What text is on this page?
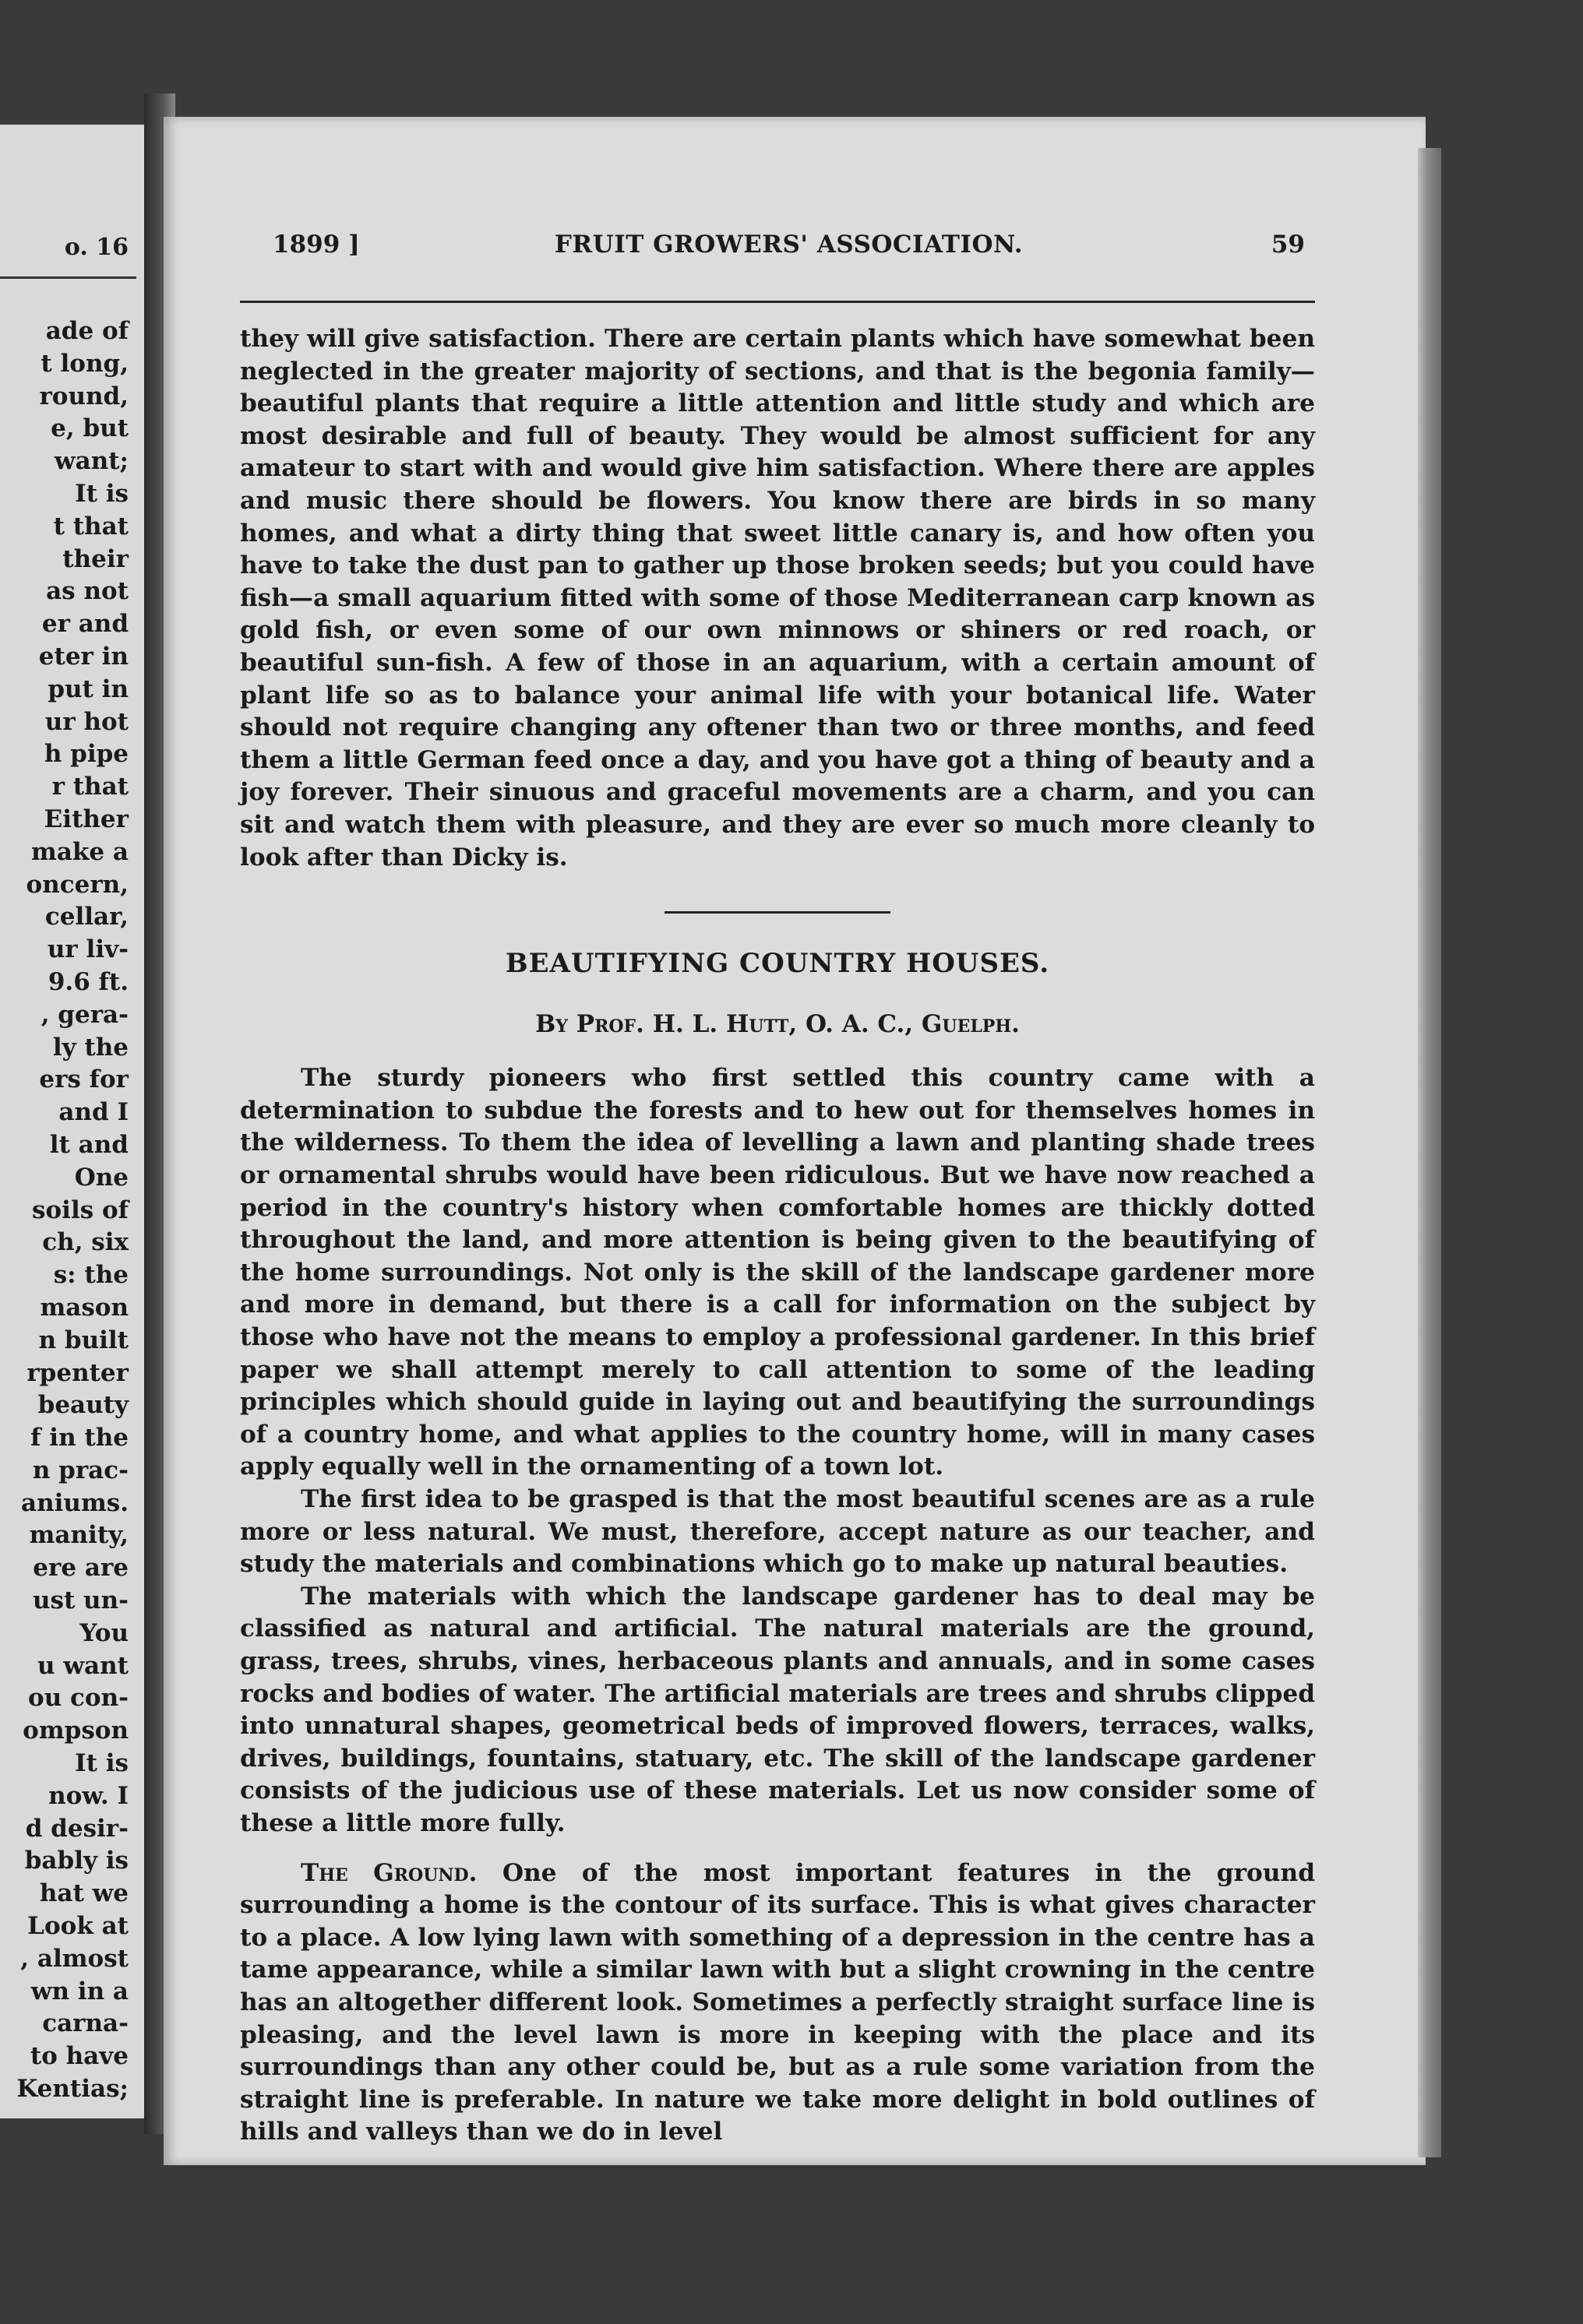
o. 16
ade of
t long,
round,
e, but
want;
It is
t that
their
as not
er and
eter in
put in
ur hot
h pipe
r that
Either
make a
oncern,
cellar,
ur liv-
9.6 ft.
, gera-
ly the
ers for
and I
lt and
One
soils of
ch, six
s: the
mason
n built
rpenter
beauty
f in the
n prac-
aniums.
manity,
ere are
ust un-
You
u want
ou con-
ompson
It is
now. I
d desir-
bably is
hat we
Look at
, almost
wn in a
carna-
to have
Kentias;
1899 ]	FRUIT GROWERS' ASSOCIATION.	59

they will give satisfaction. There are certain plants which have somewhat been neglected in the greater majority of sections, and that is the begonia family—beautiful plants that require a little attention and little study and which are most desirable and full of beauty. They would be almost sufficient for any amateur to start with and would give him satisfaction. Where there are apples and music there should be flowers. You know there are birds in so many homes, and what a dirty thing that sweet little canary is, and how often you have to take the dust pan to gather up those broken seeds; but you could have fish—a small aquarium fitted with some of those Mediterranean carp known as gold fish, or even some of our own minnows or shiners or red roach, or beautiful sun-fish. A few of those in an aquarium, with a certain amount of plant life so as to balance your animal life with your botanical life. Water should not require changing any oftener than two or three months, and feed them a little German feed once a day, and you have got a thing of beauty and a joy forever. Their sinuous and graceful movements are a charm, and you can sit and watch them with pleasure, and they are ever so much more cleanly to look after than Dicky is.

BEAUTIFYING COUNTRY HOUSES.
By Prof. H. L. Hutt, O. A. C., Guelph.

The sturdy pioneers who first settled this country came with a determination to subdue the forests and to hew out for themselves homes in the wilderness. To them the idea of levelling a lawn and planting shade trees or ornamental shrubs would have been ridiculous. But we have now reached a period in the country's history when comfortable homes are thickly dotted throughout the land, and more attention is being given to the beautifying of the home surroundings. Not only is the skill of the landscape gardener more and more in demand, but there is a call for information on the subject by those who have not the means to employ a professional gardener. In this brief paper we shall attempt merely to call attention to some of the leading principles which should guide in laying out and beautifying the surroundings of a country home, and what applies to the country home, will in many cases apply equally well in the ornamenting of a town lot.

The first idea to be grasped is that the most beautiful scenes are as a rule more or less natural. We must, therefore, accept nature as our teacher, and study the materials and combinations which go to make up natural beauties.

The materials with which the landscape gardener has to deal may be classified as natural and artificial. The natural materials are the ground, grass, trees, shrubs, vines, herbaceous plants and annuals, and in some cases rocks and bodies of water. The artificial materials are trees and shrubs clipped into unnatural shapes, geometrical beds of improved flowers, terraces, walks, drives, buildings, fountains, statuary, etc. The skill of the landscape gardener consists of the judicious use of these materials. Let us now consider some of these a little more fully.

The Ground. One of the most important features in the ground surrounding a home is the contour of its surface. This is what gives character to a place. A low lying lawn with something of a depression in the centre has a tame appearance, while a similar lawn with but a slight crowning in the centre has an altogether different look. Sometimes a perfectly straight surface line is pleasing, and the level lawn is more in keeping with the place and its surroundings than any other could be, but as a rule some variation from the straight line is preferable. In nature we take more delight in bold outlines of hills and valleys than we do in level
